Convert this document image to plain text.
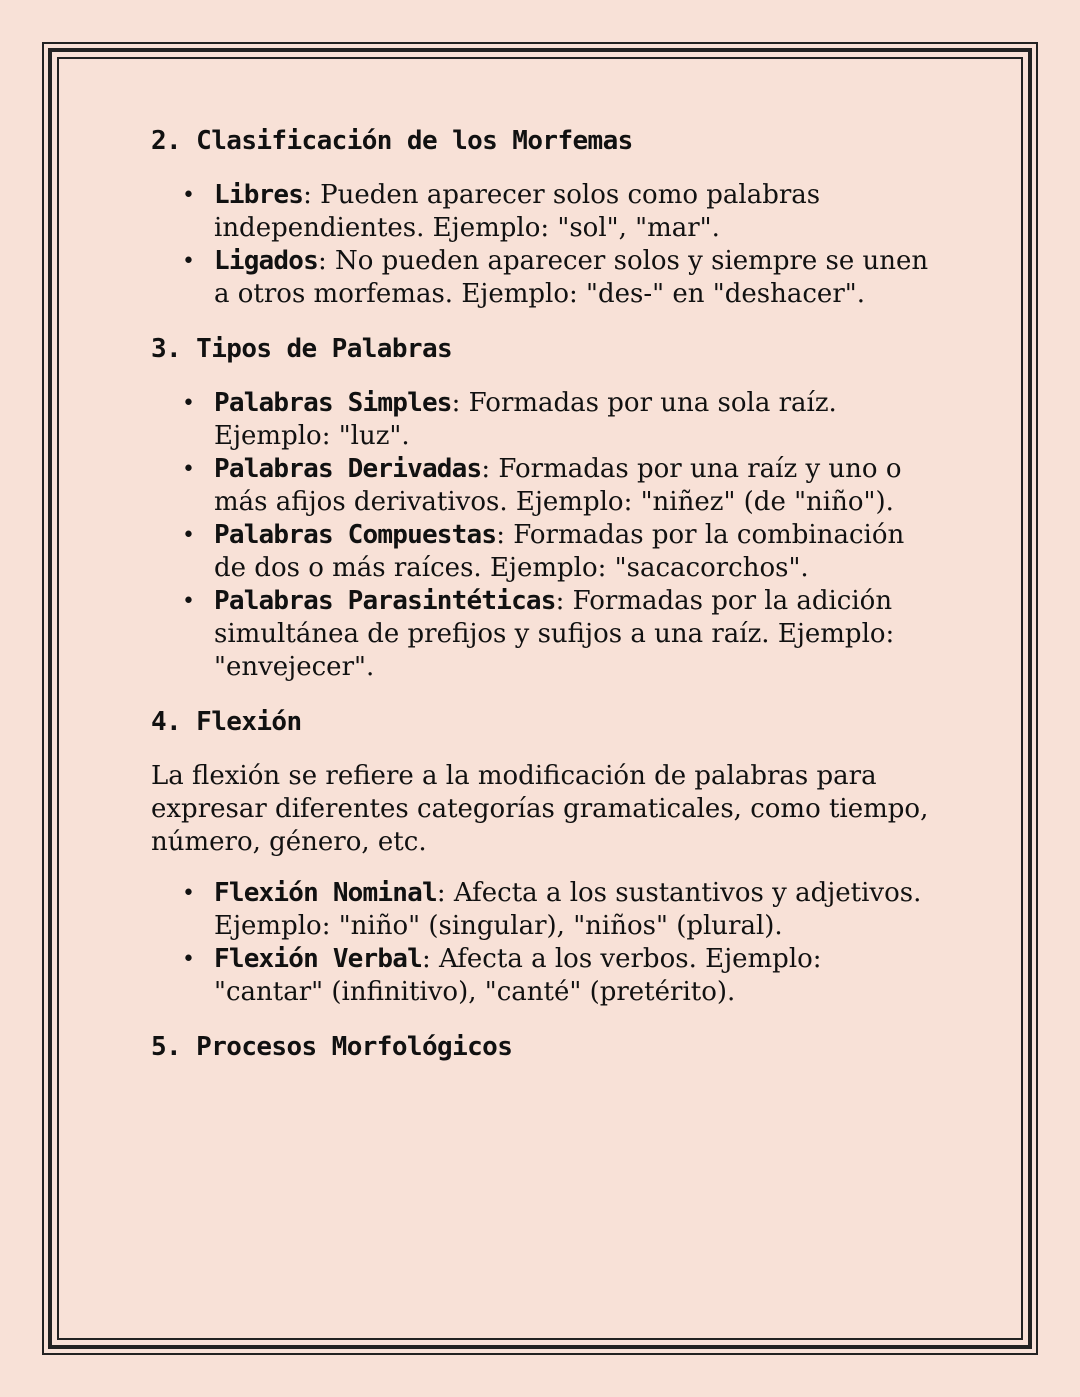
2. Clasificación de los Morfemas
• Libres: Pueden aparecer solos como palabras independientes. Ejemplo: "sol", "mar".
• Ligados: No pueden aparecer solos y siempre se unen a otros morfemas. Ejemplo: "des-" en "deshacer".
3. Tipos de Palabras
• Palabras Simples: Formadas por una sola raíz. Ejemplo: "luz".
• Palabras Derivadas: Formadas por una raíz y uno o más afijos derivativos. Ejemplo: "niñez" (de "niño").
• Palabras Compuestas: Formadas por la combinación de dos o más raíces. Ejemplo: "sacacorchos".
• Palabras Parasintéticas: Formadas por la adición simultánea de prefijos y sufijos a una raíz. Ejemplo: "envejecer".
4. Flexión

La flexión se refiere a la modificación de palabras para expresar diferentes categorías gramaticales, como tiempo, número, género, etc.

• Flexión Nominal: Afecta a los sustantivos y adjetivos. Ejemplo: "niño" (singular), "niños" (plural).
• Flexión Verbal: Afecta a los verbos. Ejemplo: "cantar" (infinitivo), "canté" (pretérito).
5. Procesos Morfológicos
